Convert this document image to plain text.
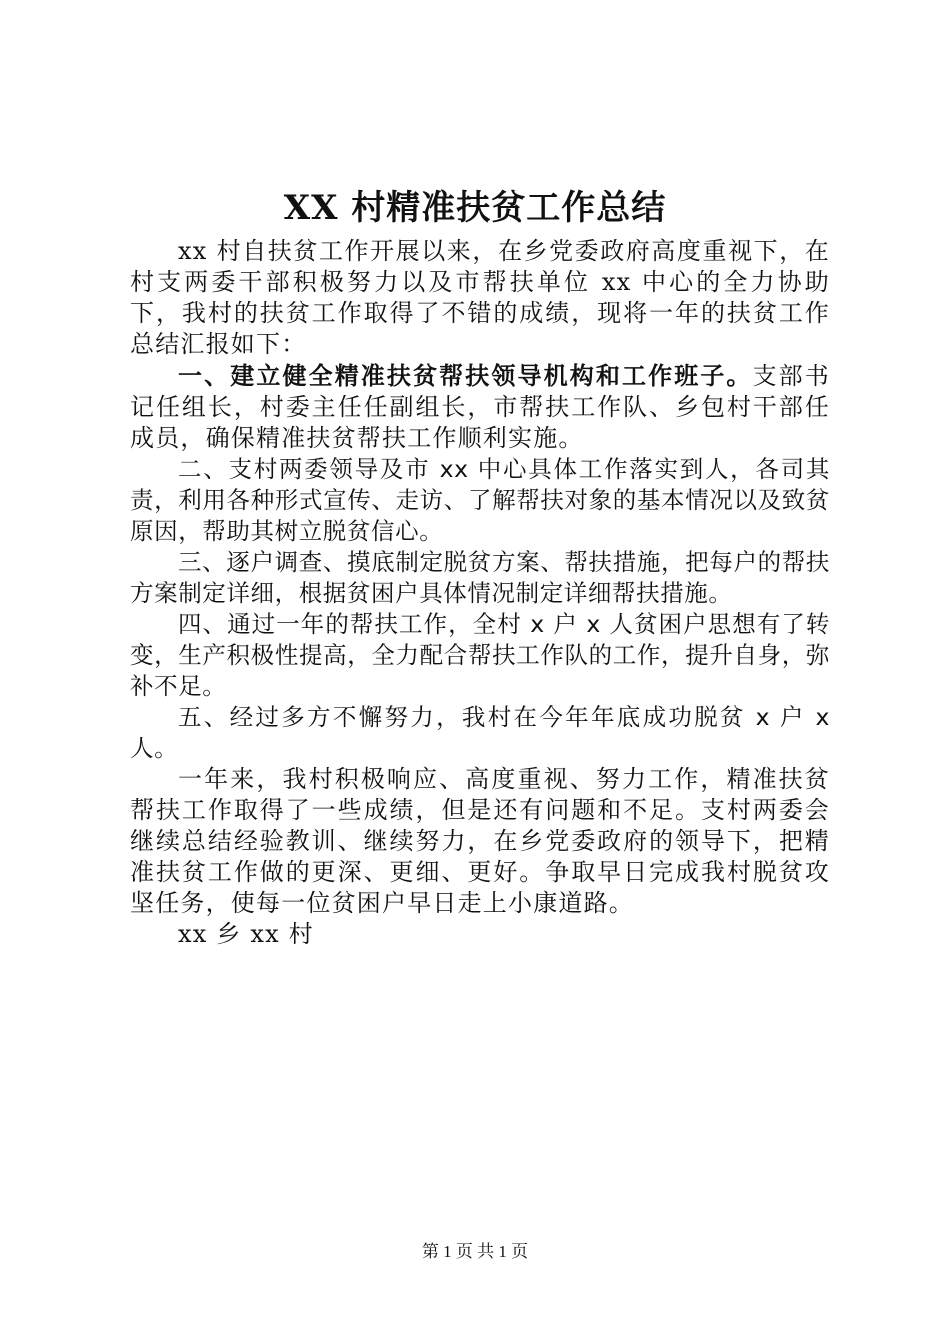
XX 村精准扶贫工作总结

xx 村自扶贫工作开展以来，在乡党委政府高度重视下，在村支两委干部积极努力以及市帮扶单位 xx 中心的全力协助下，我村的扶贫工作取得了不错的成绩，现将一年的扶贫工作总结汇报如下：

一、建立健全精准扶贫帮扶领导机构和工作班子。支部书记任组长，村委主任任副组长，市帮扶工作队、乡包村干部任成员，确保精准扶贫帮扶工作顺利实施。

二、支村两委领导及市 xx 中心具体工作落实到人，各司其责，利用各种形式宣传、走访、了解帮扶对象的基本情况以及致贫原因，帮助其树立脱贫信心。

三、逐户调查、摸底制定脱贫方案、帮扶措施，把每户的帮扶方案制定详细，根据贫困户具体情况制定详细帮扶措施。

四、通过一年的帮扶工作，全村 x 户 x 人贫困户思想有了转变，生产积极性提高，全力配合帮扶工作队的工作，提升自身，弥补不足。

五、经过多方不懈努力，我村在今年年底成功脱贫 x 户 x 人。

一年来，我村积极响应、高度重视、努力工作，精准扶贫帮扶工作取得了一些成绩，但是还有问题和不足。支村两委会继续总结经验教训、继续努力，在乡党委政府的领导下，把精准扶贫工作做的更深、更细、更好。争取早日完成我村脱贫攻坚任务，使每一位贫困户早日走上小康道路。

xx 乡 xx 村

第 1 页 共 1 页
